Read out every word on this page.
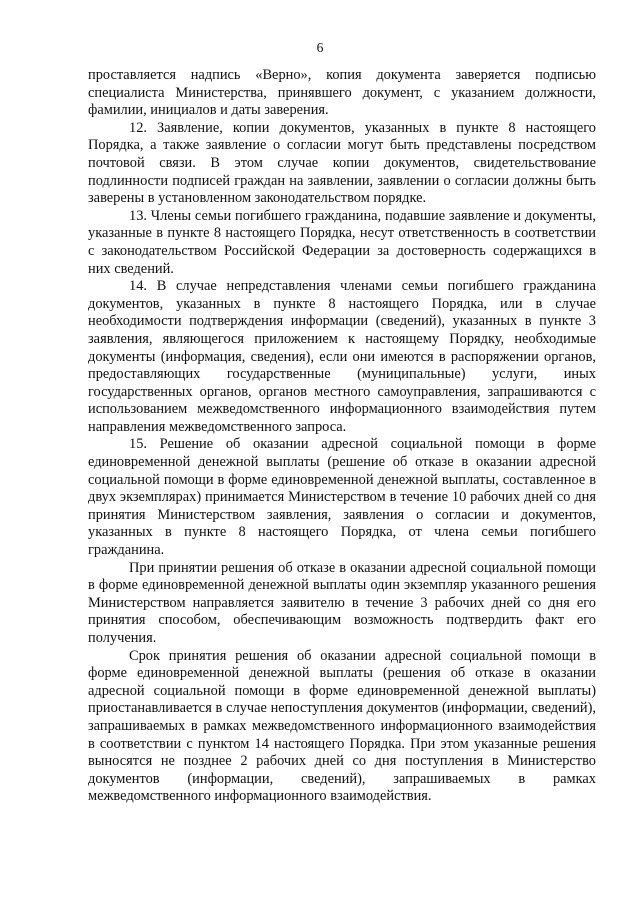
6

проставляется надпись «Верно», копия документа заверяется подписью специалиста Министерства, принявшего документ, с указанием должности, фамилии, инициалов и даты заверения.

12. Заявление, копии документов, указанных в пункте 8 настоящего Порядка, а также заявление о согласии могут быть представлены посредством почтовой связи. В этом случае копии документов, свидетельствование подлинности подписей граждан на заявлении, заявлении о согласии должны быть заверены в установленном законодательством порядке.

13. Члены семьи погибшего гражданина, подавшие заявление и документы, указанные в пункте 8 настоящего Порядка, несут ответственность в соответствии с законодательством Российской Федерации за достоверность содержащихся в них сведений.

14. В случае непредставления членами семьи погибшего гражданина документов, указанных в пункте 8 настоящего Порядка, или в случае необходимости подтверждения информации (сведений), указанных в пункте 3 заявления, являющегося приложением к настоящему Порядку, необходимые документы (информация, сведения), если они имеются в распоряжении органов, предоставляющих государственные (муниципальные) услуги, иных государственных органов, органов местного самоуправления, запрашиваются с использованием межведомственного информационного взаимодействия путем направления межведомственного запроса.

15. Решение об оказании адресной социальной помощи в форме единовременной денежной выплаты (решение об отказе в оказании адресной социальной помощи в форме единовременной денежной выплаты, составленное в двух экземплярах) принимается Министерством в течение 10 рабочих дней со дня принятия Министерством заявления, заявления о согласии и документов, указанных в пункте 8 настоящего Порядка, от члена семьи погибшего гражданина.

При принятии решения об отказе в оказании адресной социальной помощи в форме единовременной денежной выплаты один экземпляр указанного решения Министерством направляется заявителю в течение 3 рабочих дней со дня его принятия способом, обеспечивающим возможность подтвердить факт его получения.

Срок принятия решения об оказании адресной социальной помощи в форме единовременной денежной выплаты (решения об отказе в оказании адресной социальной помощи в форме единовременной денежной выплаты) приостанавливается в случае непоступления документов (информации, сведений), запрашиваемых в рамках межведомственного информационного взаимодействия в соответствии с пунктом 14 настоящего Порядка. При этом указанные решения выносятся не позднее 2 рабочих дней со дня поступления в Министерство документов (информации, сведений), запрашиваемых в рамках межведомственного информационного взаимодействия.
